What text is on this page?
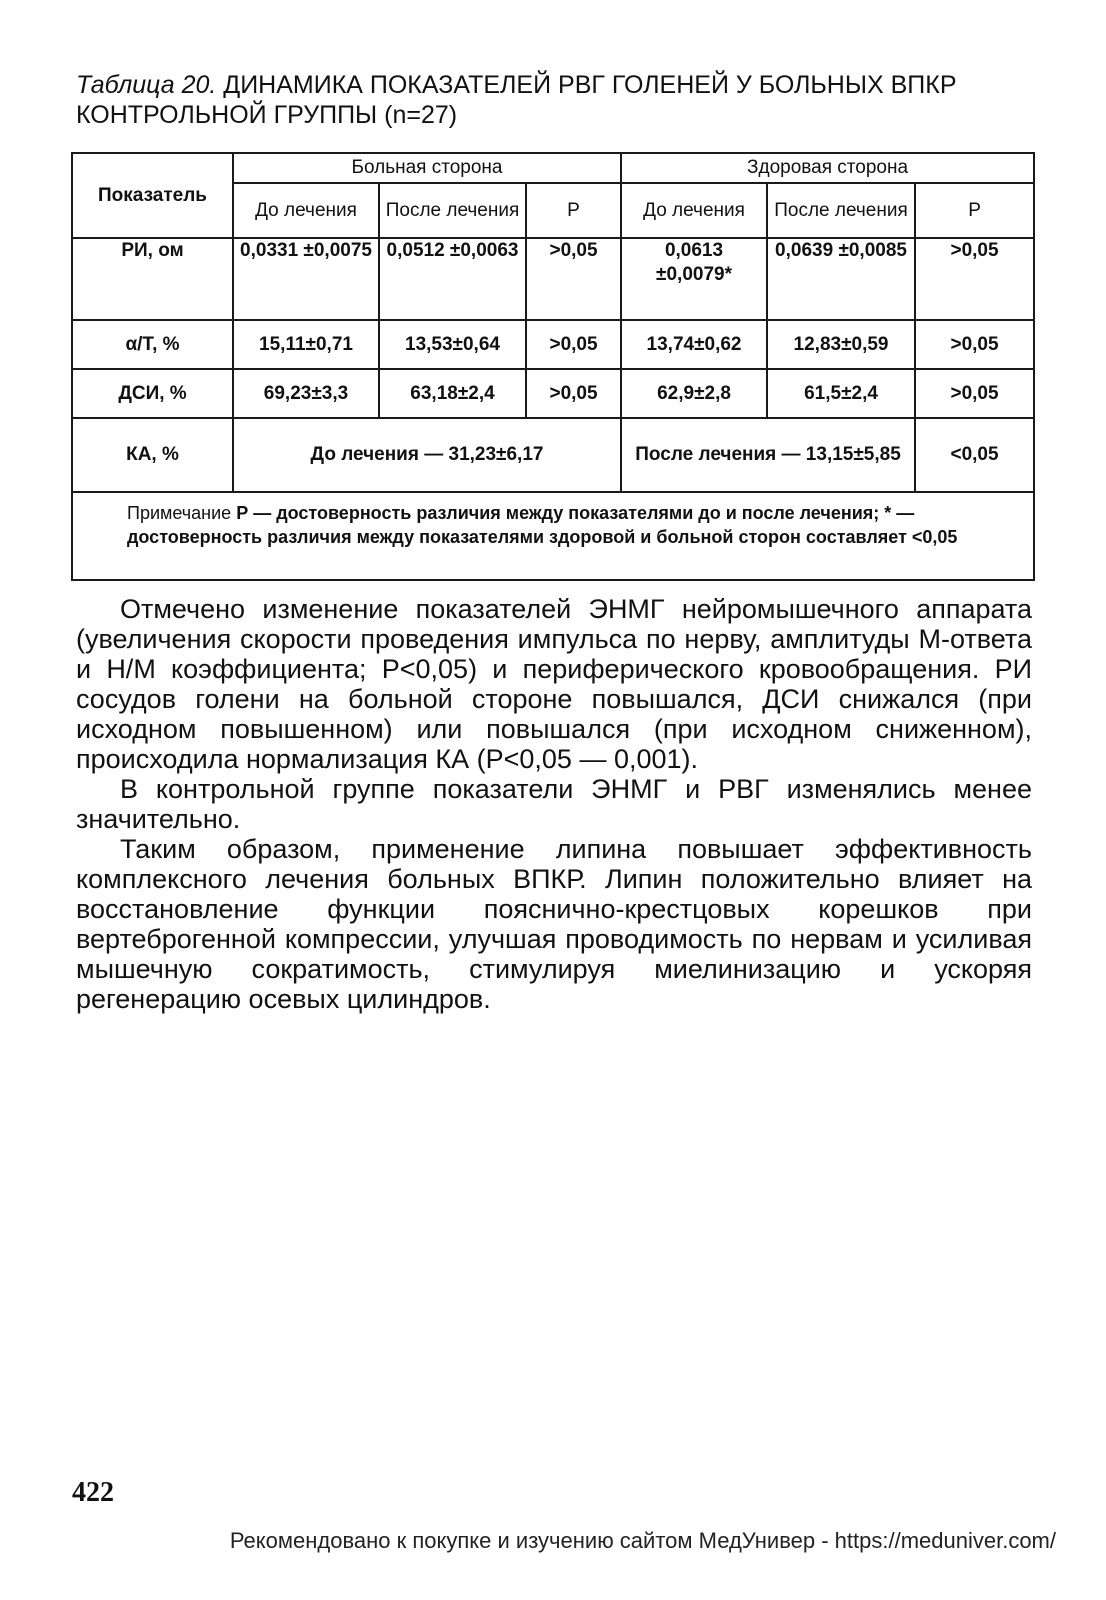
Таблица 20. ДИНАМИКА ПОКАЗАТЕЛЕЙ РВГ ГОЛЕНЕЙ У БОЛЬНЫХ ВПКР КОНТРОЛЬНОЙ ГРУППЫ (n=27)
Показатель	Больная сторона			Здоровая сторона		
	До лечения	После лечения	Р	До лечения	После лечения	Р
РИ, ом	0,0331 ±0,0075	0,0512 ±0,0063	>0,05	0,0613 ±0,0079*	0,0639 ±0,0085	>0,05
α/Т, %	15,11±0,71	13,53±0,64	>0,05	13,74±0,62	12,83±0,59	>0,05
ДСИ, %	69,23±3,3	63,18±2,4	>0,05	62,9±2,8	61,5±2,4	>0,05
КА, %	До лечения — 31,23±6,17			После лечения — 13,15±5,85		<0,05
Примечание Р — достоверность различия между показателями до и после лечения; * — достоверность различия между показателями здоровой и больной сторон составляет <0,05						

Отмечено изменение показателей ЭНМГ нейромышечного аппарата (увеличения скорости проведения импульса по нерву, амплитуды М-ответа и Н/М коэффициента; Р<0,05) и периферического кровообращения. РИ сосудов голени на больной стороне повышался, ДСИ снижался (при исходном повышенном) или повышался (при исходном сниженном), происходила нормализация КА (Р<0,05 — 0,001).

В контрольной группе показатели ЭНМГ и РВГ изменялись менее значительно.

Таким образом, применение липина повышает эффективность комплексного лечения больных ВПКР. Липин положительно влияет на восстановление функции пояснично-крестцовых корешков при вертеброгенной компрессии, улучшая проводимость по нервам и усиливая мышечную сократимость, стимулируя миелинизацию и ускоряя регенерацию осевых цилиндров.

422
Рекомендовано к покупке и изучению сайтом МедУнивер - https://meduniver.com/
